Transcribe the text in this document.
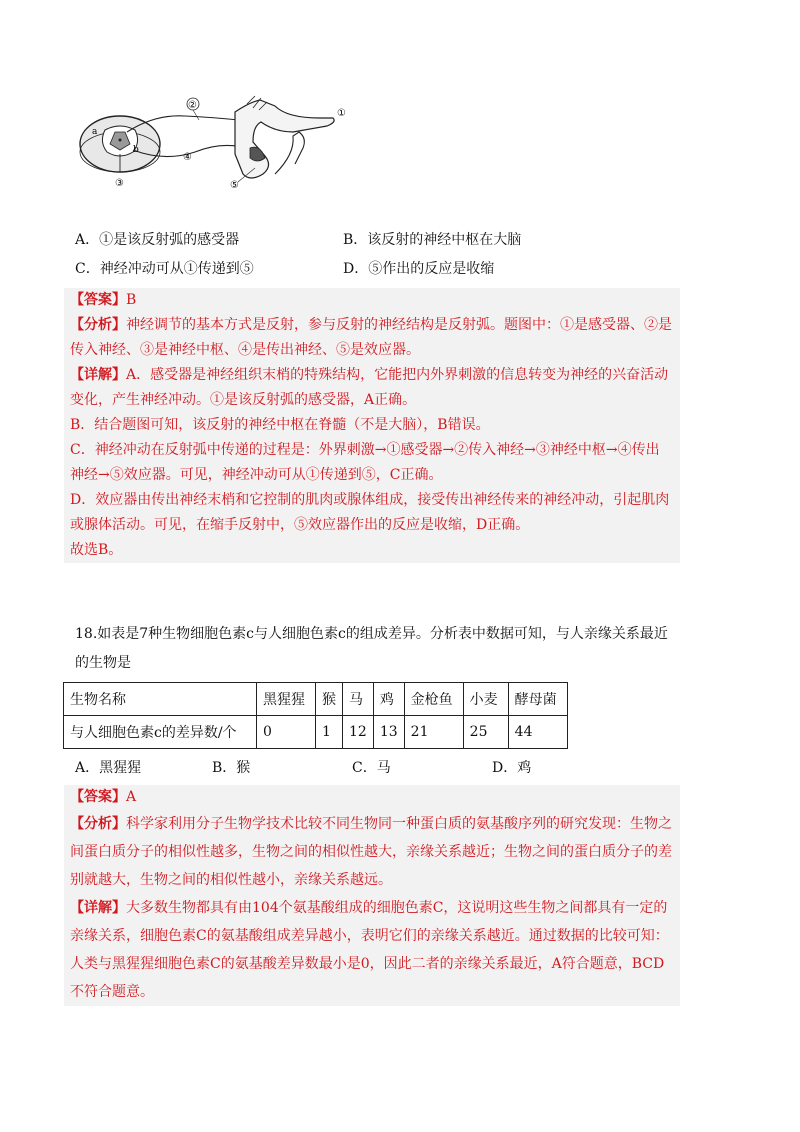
a
b
②
①
④
③	⑤
A．①是该反射弧的感受器	B．该反射的神经中枢在大脑
C．神经冲动可从①传递到⑤	D．⑤作出的反应是收缩

【答案】B

【分析】神经调节的基本方式是反射，参与反射的神经结构是反射弧。题图中：①是感受器、②是

传入神经、③是神经中枢、④是传出神经、⑤是效应器。

【详解】A．感受器是神经组织末梢的特殊结构，它能把内外界刺激的信息转变为神经的兴奋活动

变化，产生神经冲动。①是该反射弧的感受器，A正确。

B．结合题图可知，该反射的神经中枢在脊髓（不是大脑），B错误。

C．神经冲动在反射弧中传递的过程是：外界刺激→①感受器→②传入神经→③神经中枢→④传出

神经→⑤效应器。可见，神经冲动可从①传递到⑤，C正确。

D．效应器由传出神经末梢和它控制的肌肉或腺体组成，接受传出神经传来的神经冲动，引起肌肉

或腺体活动。可见，在缩手反射中，⑤效应器作出的反应是收缩，D正确。

故选B。

18.如表是7种生物细胞色素c与人细胞色素c的组成差异。分析表中数据可知，与人亲缘关系最近
的生物是
生物名称	黑猩猩	猴	马	鸡	金枪鱼	小麦	酵母菌
与人细胞色素c的差异数/个	0	1	12	13	21	25	44
A．黑猩猩	B．猴	C．马	D．鸡

【答案】A

【分析】科学家利用分子生物学技术比较不同生物同一种蛋白质的氨基酸序列的研究发现：生物之

间蛋白质分子的相似性越多，生物之间的相似性越大，亲缘关系越近；生物之间的蛋白质分子的差

别就越大，生物之间的相似性越小，亲缘关系越远。

【详解】大多数生物都具有由104个氨基酸组成的细胞色素C，这说明这些生物之间都具有一定的

亲缘关系，细胞色素C的氨基酸组成差异越小，表明它们的亲缘关系越近。通过数据的比较可知：

人类与黑猩猩细胞色素C的氨基酸差异数最小是0，因此二者的亲缘关系最近，A符合题意，BCD

不符合题意。
